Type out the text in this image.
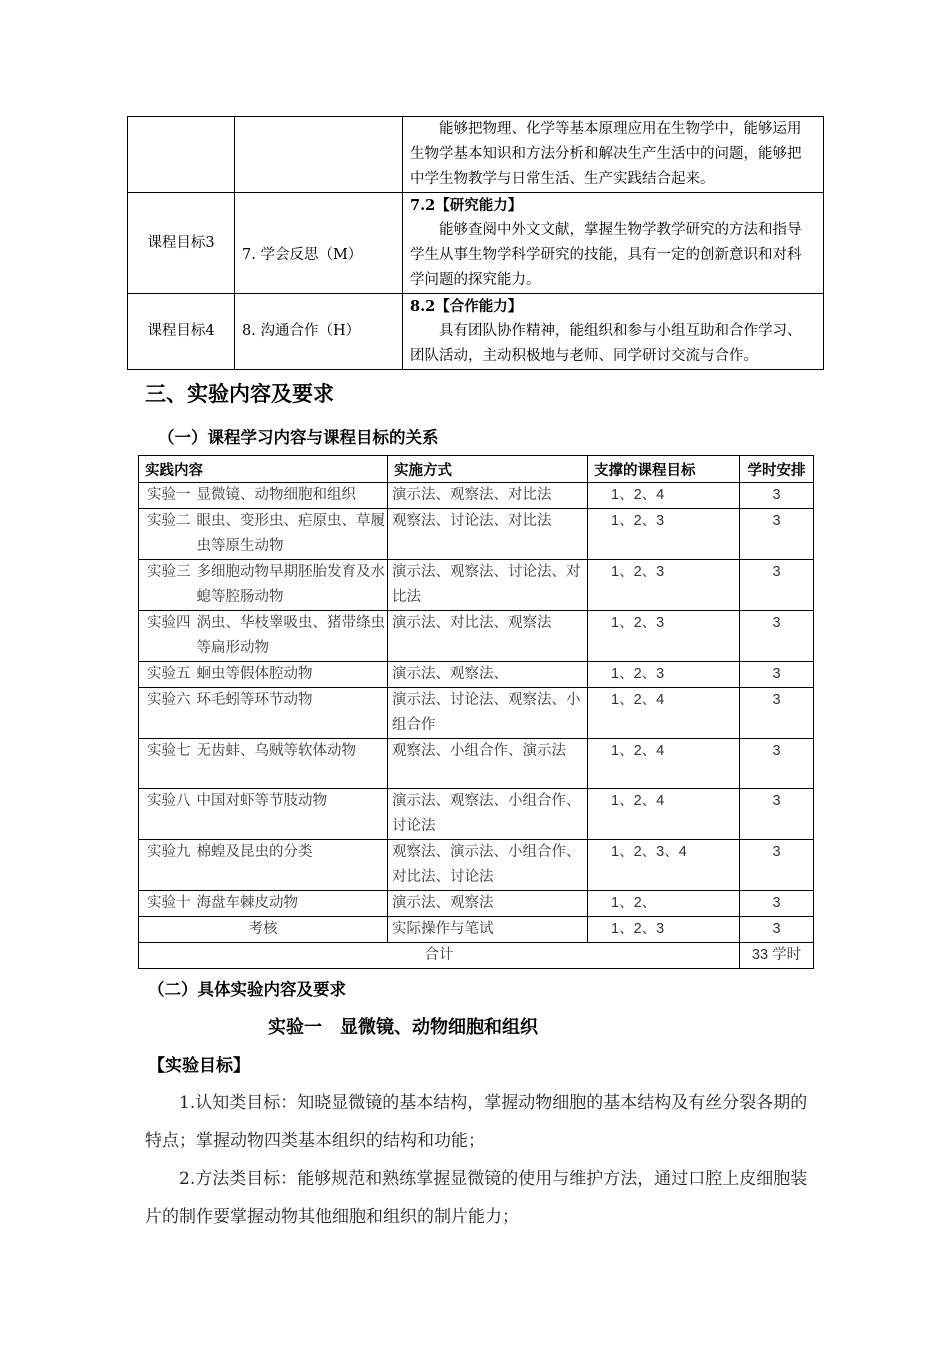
		能够把物理、化学等基本原理应用在生物学中，能够运用生物学基本知识和方法分析和解决生产生活中的问题，能够把中学生物教学与日常生活、生产实践结合起来。

课程目标3	7. 学会反思（M）	7.2【研究能力】
能够查阅中外文文献，掌握生物学教学研究的方法和指导学生从事生物学科学研究的技能，具有一定的创新意识和对科学问题的探究能力。

课程目标4	8. 沟通合作（H）	8.2【合作能力】
具有团队协作精神，能组织和参与小组互助和合作学习、团队活动，主动积极地与老师、同学研讨交流与合作。
三、实验内容及要求
（一）课程学习内容与课程目标的关系
实践内容	实施方式	支撑的课程目标	学时安排

实验一 显微镜、动物细胞和组织	演示法、观察法、对比法	1、2、4	3

实验二 眼虫、变形虫、疟原虫、草履虫等原生动物	观察法、讨论法、对比法	1、2、3	3

实验三 多细胞动物早期胚胎发育及水螅等腔肠动物	演示法、观察法、讨论法、对比法	1、2、3	3

实验四 涡虫、华枝睾吸虫、猪带绦虫等扁形动物	演示法、对比法、观察法	1、2、3	3

实验五 蛔虫等假体腔动物	演示法、观察法、	1、2、3	3

实验六 环毛蚓等环节动物	演示法、讨论法、观察法、小组合作	1、2、4	3

实验七 无齿蚌、乌贼等软体动物	观察法、小组合作、演示法	1、2、4	3

实验八 中国对虾等节肢动物	演示法、观察法、小组合作、讨论法	1、2、4	3

实验九 棉蝗及昆虫的分类	观察法、演示法、小组合作、对比法、讨论法	1、2、3、4	3

实验十 海盘车棘皮动物	演示法、观察法	1、2、	3
考核	实际操作与笔试	1、2、3	3
合计			33 学时
（二）具体实验内容及要求
实验一　显微镜、动物细胞和组织
【实验目标】
1.认知类目标：知晓显微镜的基本结构，掌握动物细胞的基本结构及有丝分裂各期的特点；掌握动物四类基本组织的结构和功能；
2.方法类目标：能够规范和熟练掌握显微镜的使用与维护方法，通过口腔上皮细胞装片的制作要掌握动物其他细胞和组织的制片能力；
